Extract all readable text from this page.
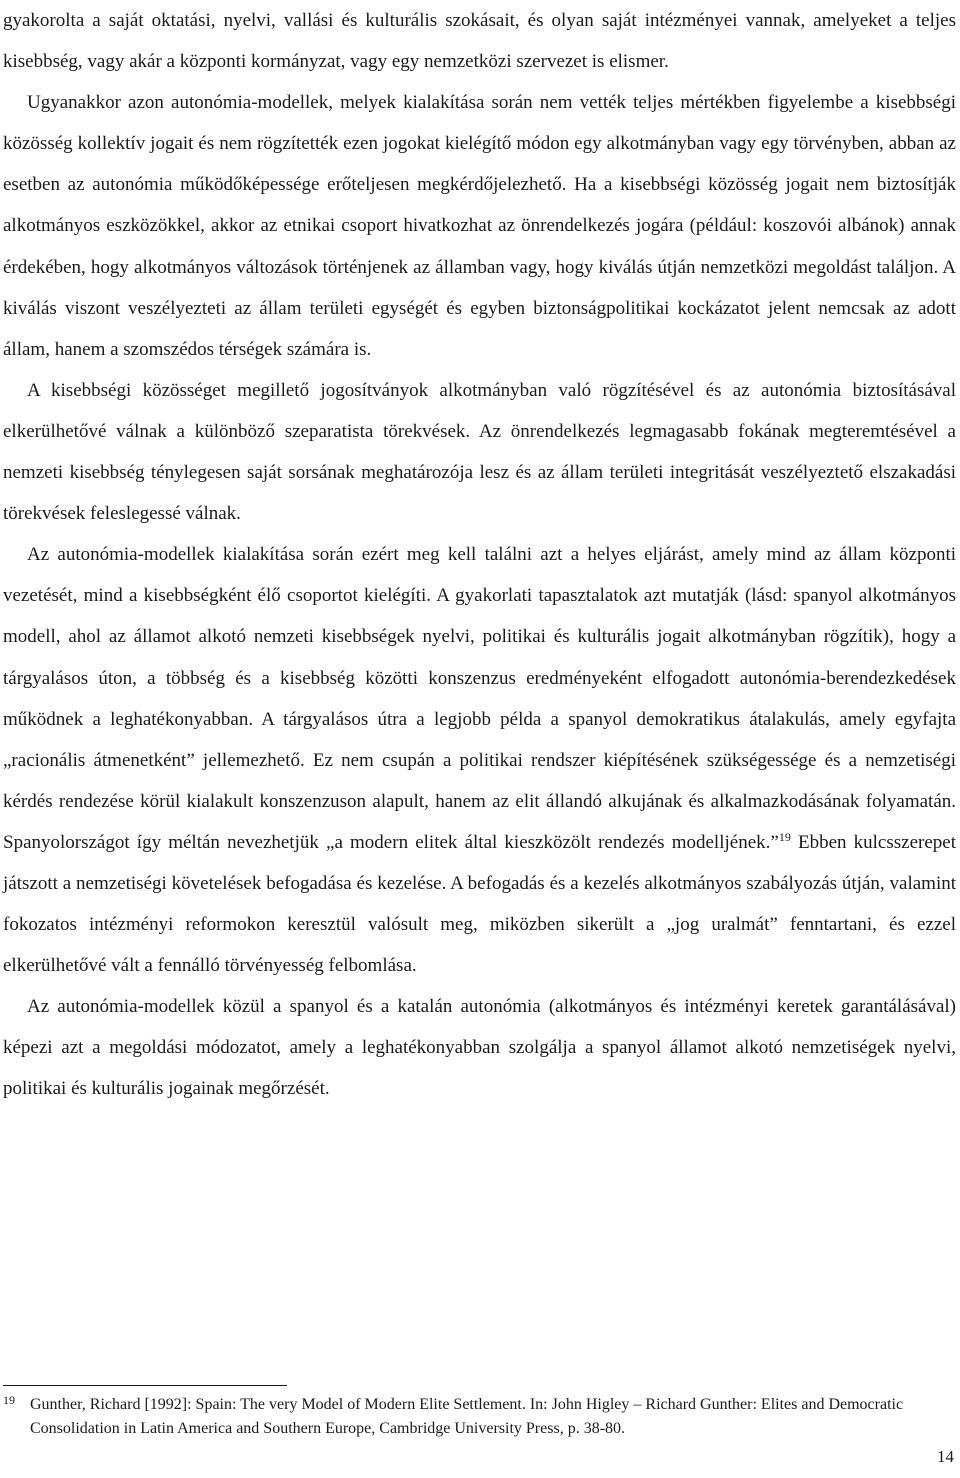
gyakorolta a saját oktatási, nyelvi, vallási és kulturális szokásait, és olyan saját intézményei vannak, amelyeket a teljes kisebbség, vagy akár a központi kormányzat, vagy egy nemzetközi szervezet is elismer.

Ugyanakkor azon autonómia-modellek, melyek kialakítása során nem vették teljes mértékben figyelembe a kisebbségi közösség kollektív jogait és nem rögzítették ezen jogokat kielégítő módon egy alkotmányban vagy egy törvényben, abban az esetben az autonómia működőképessége erőteljesen megkérdőjelezhető. Ha a kisebbségi közösség jogait nem biztosítják alkotmányos eszközökkel, akkor az etnikai csoport hivatkozhat az önrendelkezés jogára (például: koszovói albánok) annak érdekében, hogy alkotmányos változások történjenek az államban vagy, hogy kiválás útján nemzetközi megoldást találjon. A kiválás viszont veszélyezteti az állam területi egységét és egyben biztonságpolitikai kockázatot jelent nemcsak az adott állam, hanem a szomszédos térségek számára is.

A kisebbségi közösséget megillető jogosítványok alkotmányban való rögzítésével és az autonómia biztosításával elkerülhetővé válnak a különböző szeparatista törekvések. Az önrendelkezés legmagasabb fokának megteremtésével a nemzeti kisebbség ténylegesen saját sorsának meghatározója lesz és az állam területi integritását veszélyeztető elszakadási törekvések feleslegessé válnak.

Az autonómia-modellek kialakítása során ezért meg kell találni azt a helyes eljárást, amely mind az állam központi vezetését, mind a kisebbségként élő csoportot kielégíti. A gyakorlati tapasztalatok azt mutatják (lásd: spanyol alkotmányos modell, ahol az államot alkotó nemzeti kisebbségek nyelvi, politikai és kulturális jogait alkotmányban rögzítik), hogy a tárgyalásos úton, a többség és a kisebbség közötti konszenzus eredményeként elfogadott autonómia-berendezkedések működnek a leghatékonyabban. A tárgyalásos útra a legjobb példa a spanyol demokratikus átalakulás, amely egyfajta „racionális átmenetként” jellemezhető. Ez nem csupán a politikai rendszer kiépítésének szükségessége és a nemzetiségi kérdés rendezése körül kialakult konszenzuson alapult, hanem az elit állandó alkujának és alkalmazkodásának folyamatán. Spanyolországot így méltán nevezhetjük „a modern elitek által kieszközölt rendezés modelljének.”$^{19}$ Ebben kulcsszerepet játszott a nemzetiségi követelések befogadása és kezelése. A befogadás és a kezelés alkotmányos szabályozás útján, valamint fokozatos intézményi reformokon keresztül valósult meg, miközben sikerült a „jog uralmát” fenntartani, és ezzel elkerülhetővé vált a fennálló törvényesség felbomlása.

Az autonómia-modellek közül a spanyol és a katalán autonómia (alkotmányos és intézményi keretek garantálásával) képezi azt a megoldási módozatot, amely a leghatékonyabban szolgálja a spanyol államot alkotó nemzetiségek nyelvi, politikai és kulturális jogainak megőrzését.

19 Gunther, Richard [1992]: Spain: The very Model of Modern Elite Settlement. In: John Higley – Richard Gunther: Elites and Democratic Consolidation in Latin America and Southern Europe, Cambridge University Press, p. 38-80.
14
